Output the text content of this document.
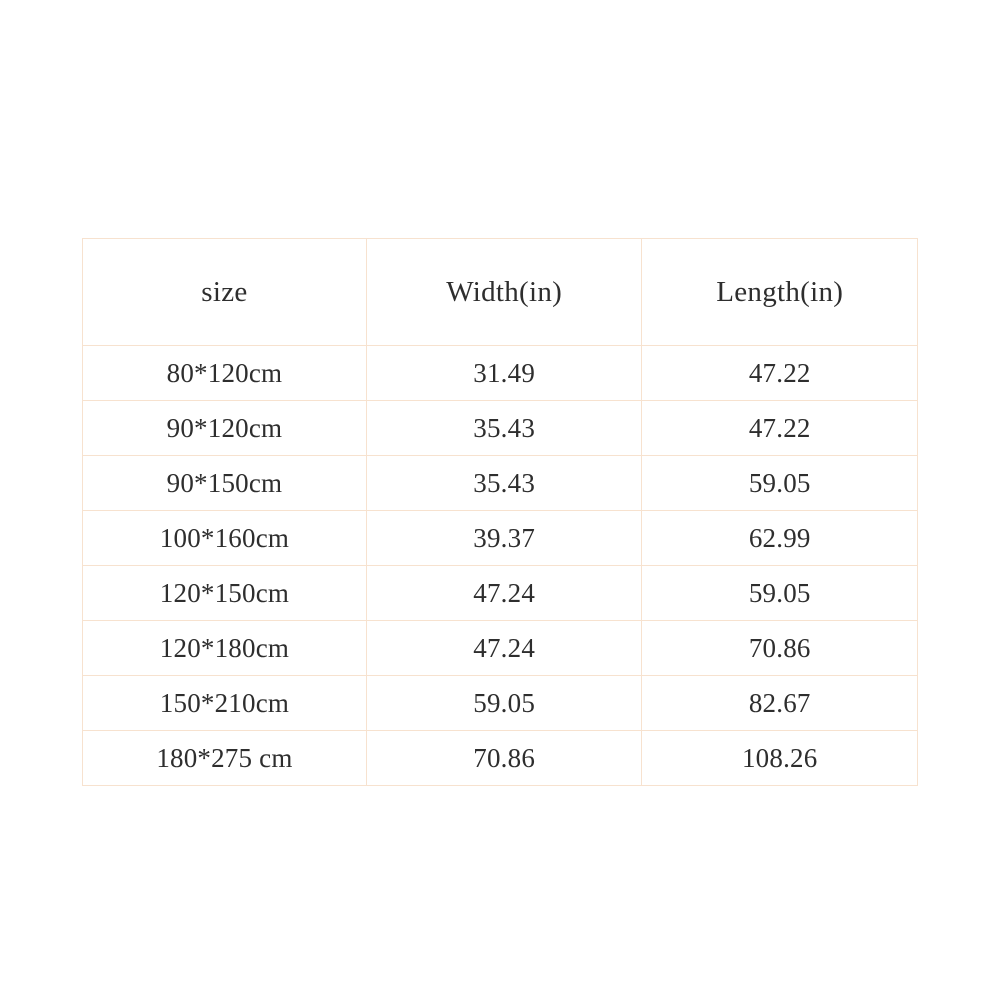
size	Width(in)	Length(in)
80*120cm	31.49	47.22
90*120cm	35.43	47.22
90*150cm	35.43	59.05
100*160cm	39.37	62.99
120*150cm	47.24	59.05
120*180cm	47.24	70.86
150*210cm	59.05	82.67
180*275 cm	70.86	108.26
